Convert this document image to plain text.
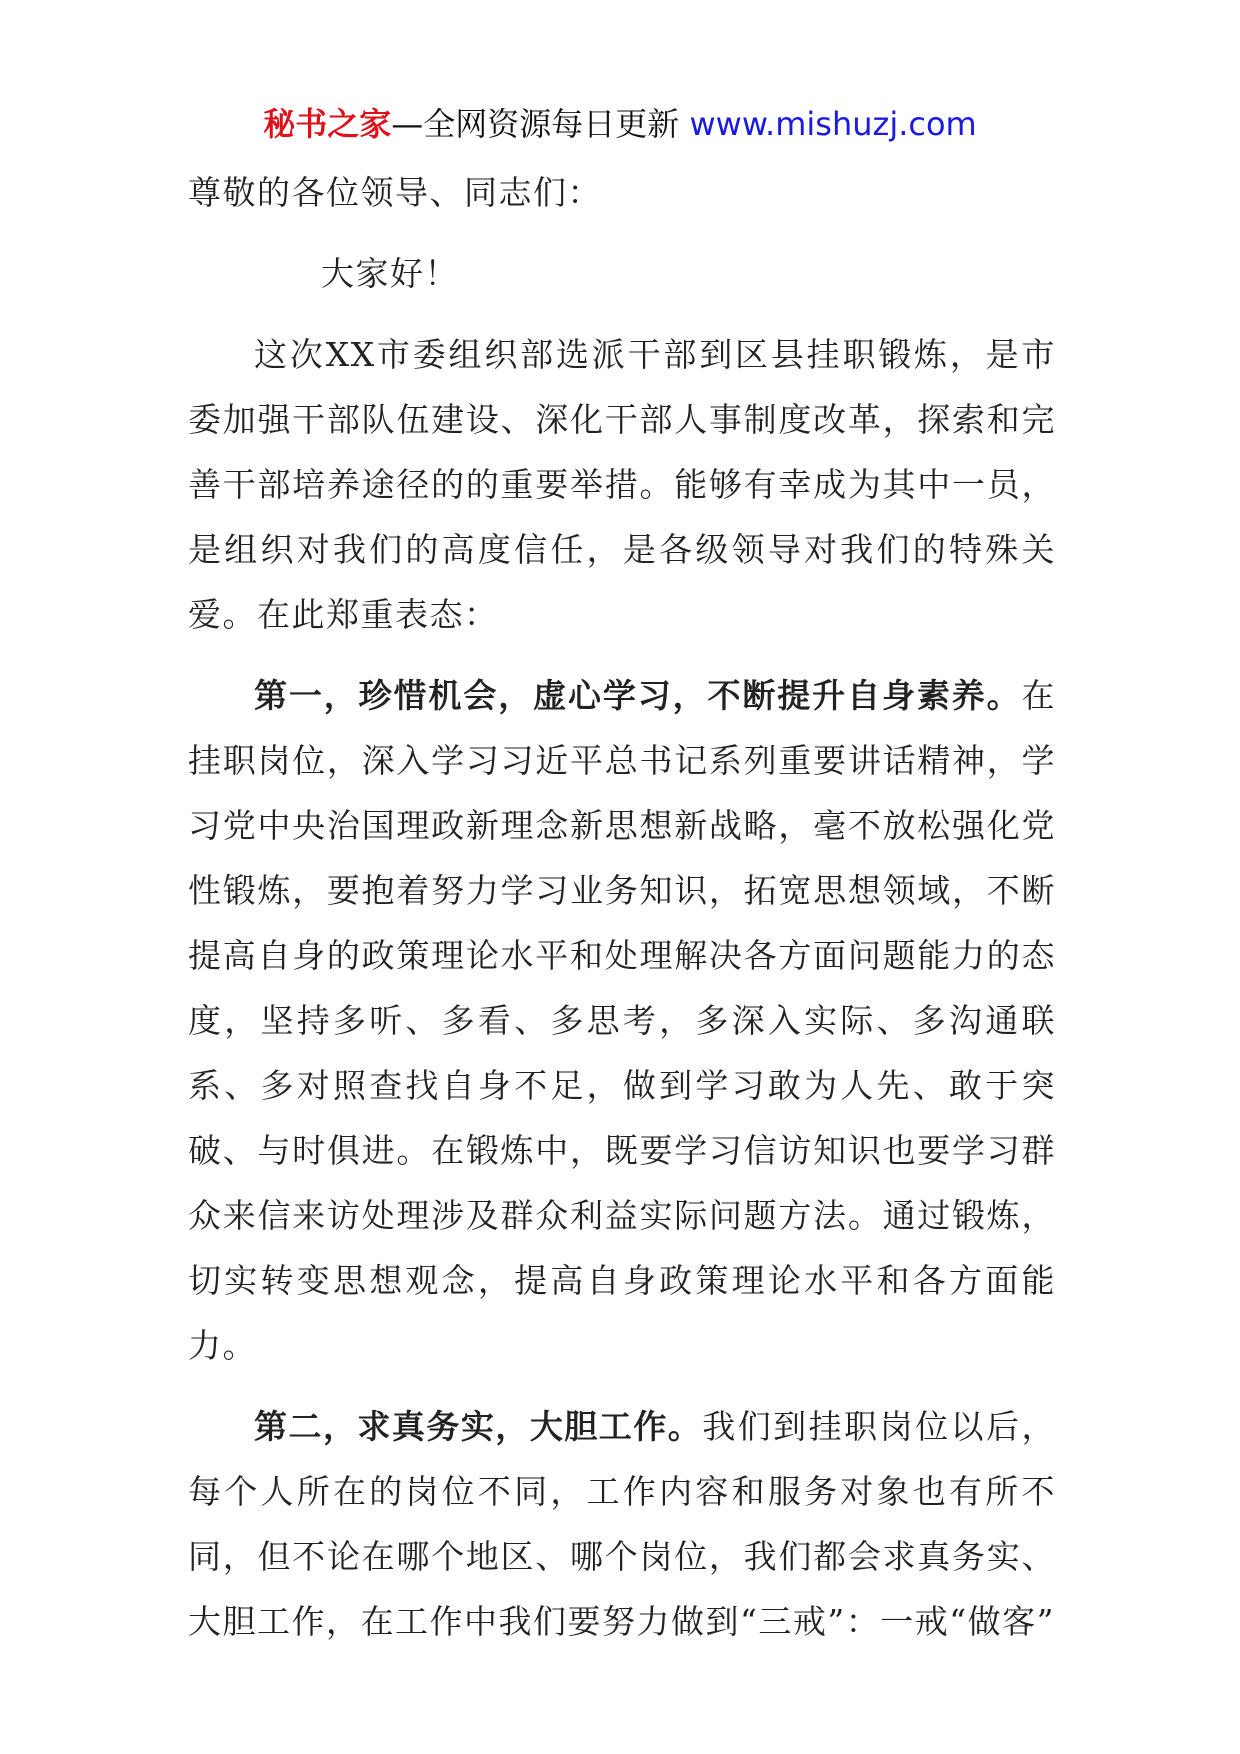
秘书之家—全网资源每日更新 www.mishuzj.com

尊敬的各位领导、同志们：

大家好！

这次XX市委组织部选派干部到区县挂职锻炼，是市委加强干部队伍建设、深化干部人事制度改革，探索和完善干部培养途径的的重要举措。能够有幸成为其中一员，是组织对我们的高度信任，是各级领导对我们的特殊关爱。在此郑重表态：

第一，珍惜机会，虚心学习，不断提升自身素养。在挂职岗位，深入学习习近平总书记系列重要讲话精神，学习党中央治国理政新理念新思想新战略，毫不放松强化党性锻炼，要抱着努力学习业务知识，拓宽思想领域，不断提高自身的政策理论水平和处理解决各方面问题能力的态度，坚持多听、多看、多思考，多深入实际、多沟通联系、多对照查找自身不足，做到学习敢为人先、敢于突破、与时俱进。在锻炼中，既要学习信访知识也要学习群众来信来访处理涉及群众利益实际问题方法。通过锻炼，切实转变思想观念，提高自身政策理论水平和各方面能力。

第二，求真务实，大胆工作。我们到挂职岗位以后，每个人所在的岗位不同，工作内容和服务对象也有所不同，但不论在哪个地区、哪个岗位，我们都会求真务实、大胆工作，在工作中我们要努力做到“三戒”：一戒“做客”
